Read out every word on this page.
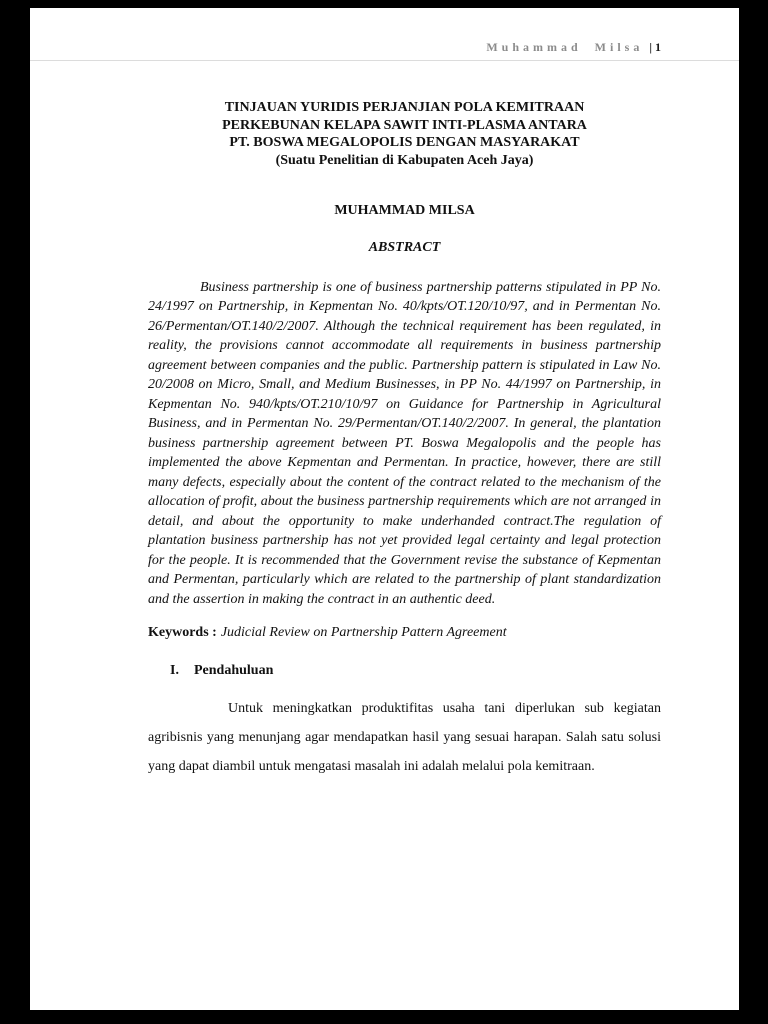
Muhammad Milsa | 1
TINJAUAN YURIDIS PERJANJIAN POLA KEMITRAAN
PERKEBUNAN KELAPA SAWIT INTI-PLASMA ANTARA
PT. BOSWA MEGALOPOLIS DENGAN MASYARAKAT
(Suatu Penelitian di Kabupaten Aceh Jaya)
MUHAMMAD MILSA
ABSTRACT

Business partnership is one of business partnership patterns stipulated in PP No. 24/1997 on Partnership, in Kepmentan No. 40/kpts/OT.120/10/97, and in Permentan No. 26/Permentan/OT.140/2/2007. Although the technical requirement has been regulated, in reality, the provisions cannot accommodate all requirements in business partnership agreement between companies and the public. Partnership pattern is stipulated in Law No. 20/2008 on Micro, Small, and Medium Businesses, in PP No. 44/1997 on Partnership, in Kepmentan No. 940/kpts/OT.210/10/97 on Guidance for Partnership in Agricultural Business, and in Permentan No. 29/Permentan/OT.140/2/2007. In general, the plantation business partnership agreement between PT. Boswa Megalopolis and the people has implemented the above Kepmentan and Permentan. In practice, however, there are still many defects, especially about the content of the contract related to the mechanism of the allocation of profit, about the business partnership requirements which are not arranged in detail, and about the opportunity to make underhanded contract.The regulation of plantation business partnership has not yet provided legal certainty and legal protection for the people. It is recommended that the Government revise the substance of Kepmentan and Permentan, particularly which are related to the partnership of plant standardization and the assertion in making the contract in an authentic deed.

Keywords : Judicial Review on Partnership Pattern Agreement

I. Pendahuluan

Untuk meningkatkan produktifitas usaha tani diperlukan sub kegiatan agribisnis yang menunjang agar mendapatkan hasil yang sesuai harapan. Salah satu solusi yang dapat diambil untuk mengatasi masalah ini adalah melalui pola kemitraan.
